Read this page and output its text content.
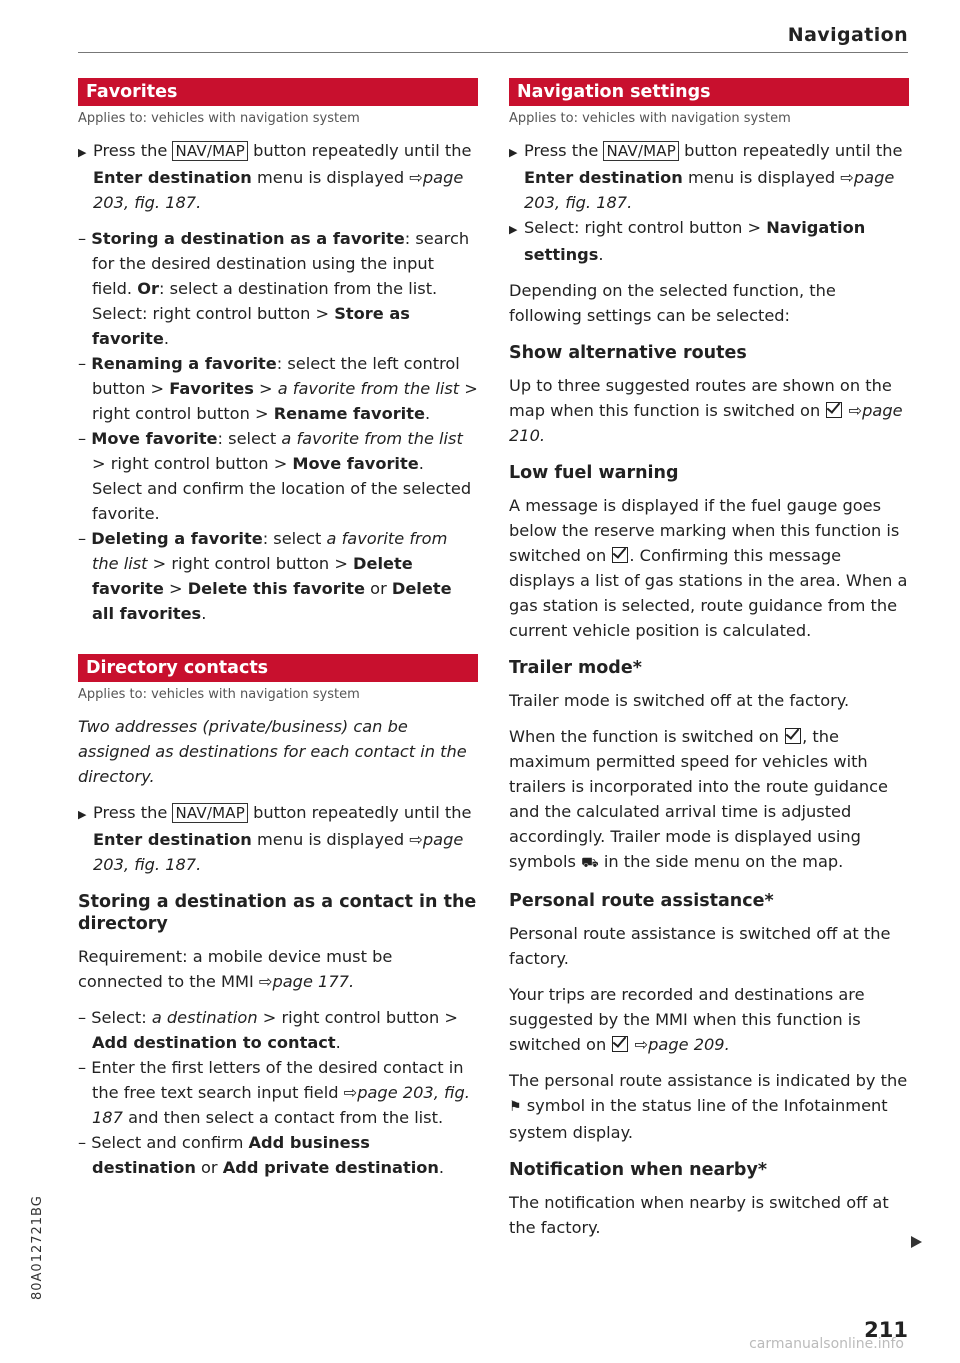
Navigation
Favorites
Applies to: vehicles with navigation system

▶ Press the NAV/MAP button repeatedly until the Enter destination menu is displayed ⇨page 203, fig. 187.

– Storing a destination as a favorite: search for the desired destination using the input field. Or: select a destination from the list. Select: right control button > Store as favorite.

– Renaming a favorite: select the left control button > Favorites > a favorite from the list > right control button > Rename favorite.

– Move favorite: select a favorite from the list > right control button > Move favorite. Select and confirm the location of the selected favorite.

– Deleting a favorite: select a favorite from the list > right control button > Delete favorite > Delete this favorite or Delete all favorites.

Directory contacts
Applies to: vehicles with navigation system

Two addresses (private/business) can be assigned as destinations for each contact in the directory.

▶ Press the NAV/MAP button repeatedly until the Enter destination menu is displayed ⇨page 203, fig. 187.

Storing a destination as a contact in the directory

Requirement: a mobile device must be connected to the MMI ⇨page 177.

– Select: a destination > right control button > Add destination to contact.

– Enter the first letters of the desired contact in the free text search input field ⇨page 203, fig. 187 and then select a contact from the list.

– Select and confirm Add business destination or Add private destination.

Navigation settings
Applies to: vehicles with navigation system

▶ Press the NAV/MAP button repeatedly until the Enter destination menu is displayed ⇨page 203, fig. 187.

▶ Select: right control button > Navigation settings.

Depending on the selected function, the following settings can be selected:

Show alternative routes

Up to three suggested routes are shown on the map when this function is switched on ⇨page 210.

Low fuel warning

A message is displayed if the fuel gauge goes below the reserve marking when this function is switched on . Confirming this message displays a list of gas stations in the area. When a gas station is selected, route guidance from the current vehicle position is calculated.

Trailer mode*

Trailer mode is switched off at the factory.

When the function is switched on , the maximum permitted speed for vehicles with trailers is incorporated into the route guidance and the calculated arrival time is adjusted accordingly. Trailer mode is displayed using symbols ⛟ in the side menu on the map.

Personal route assistance*

Personal route assistance is switched off at the factory.

Your trips are recorded and destinations are suggested by the MMI when this function is switched on ⇨page 209.

The personal route assistance is indicated by the ⚑ symbol in the status line of the Infotainment system display.

Notification when nearby*

The notification when nearby is switched off at the factory.

80A012721BG
211
carmanualsonline.info
